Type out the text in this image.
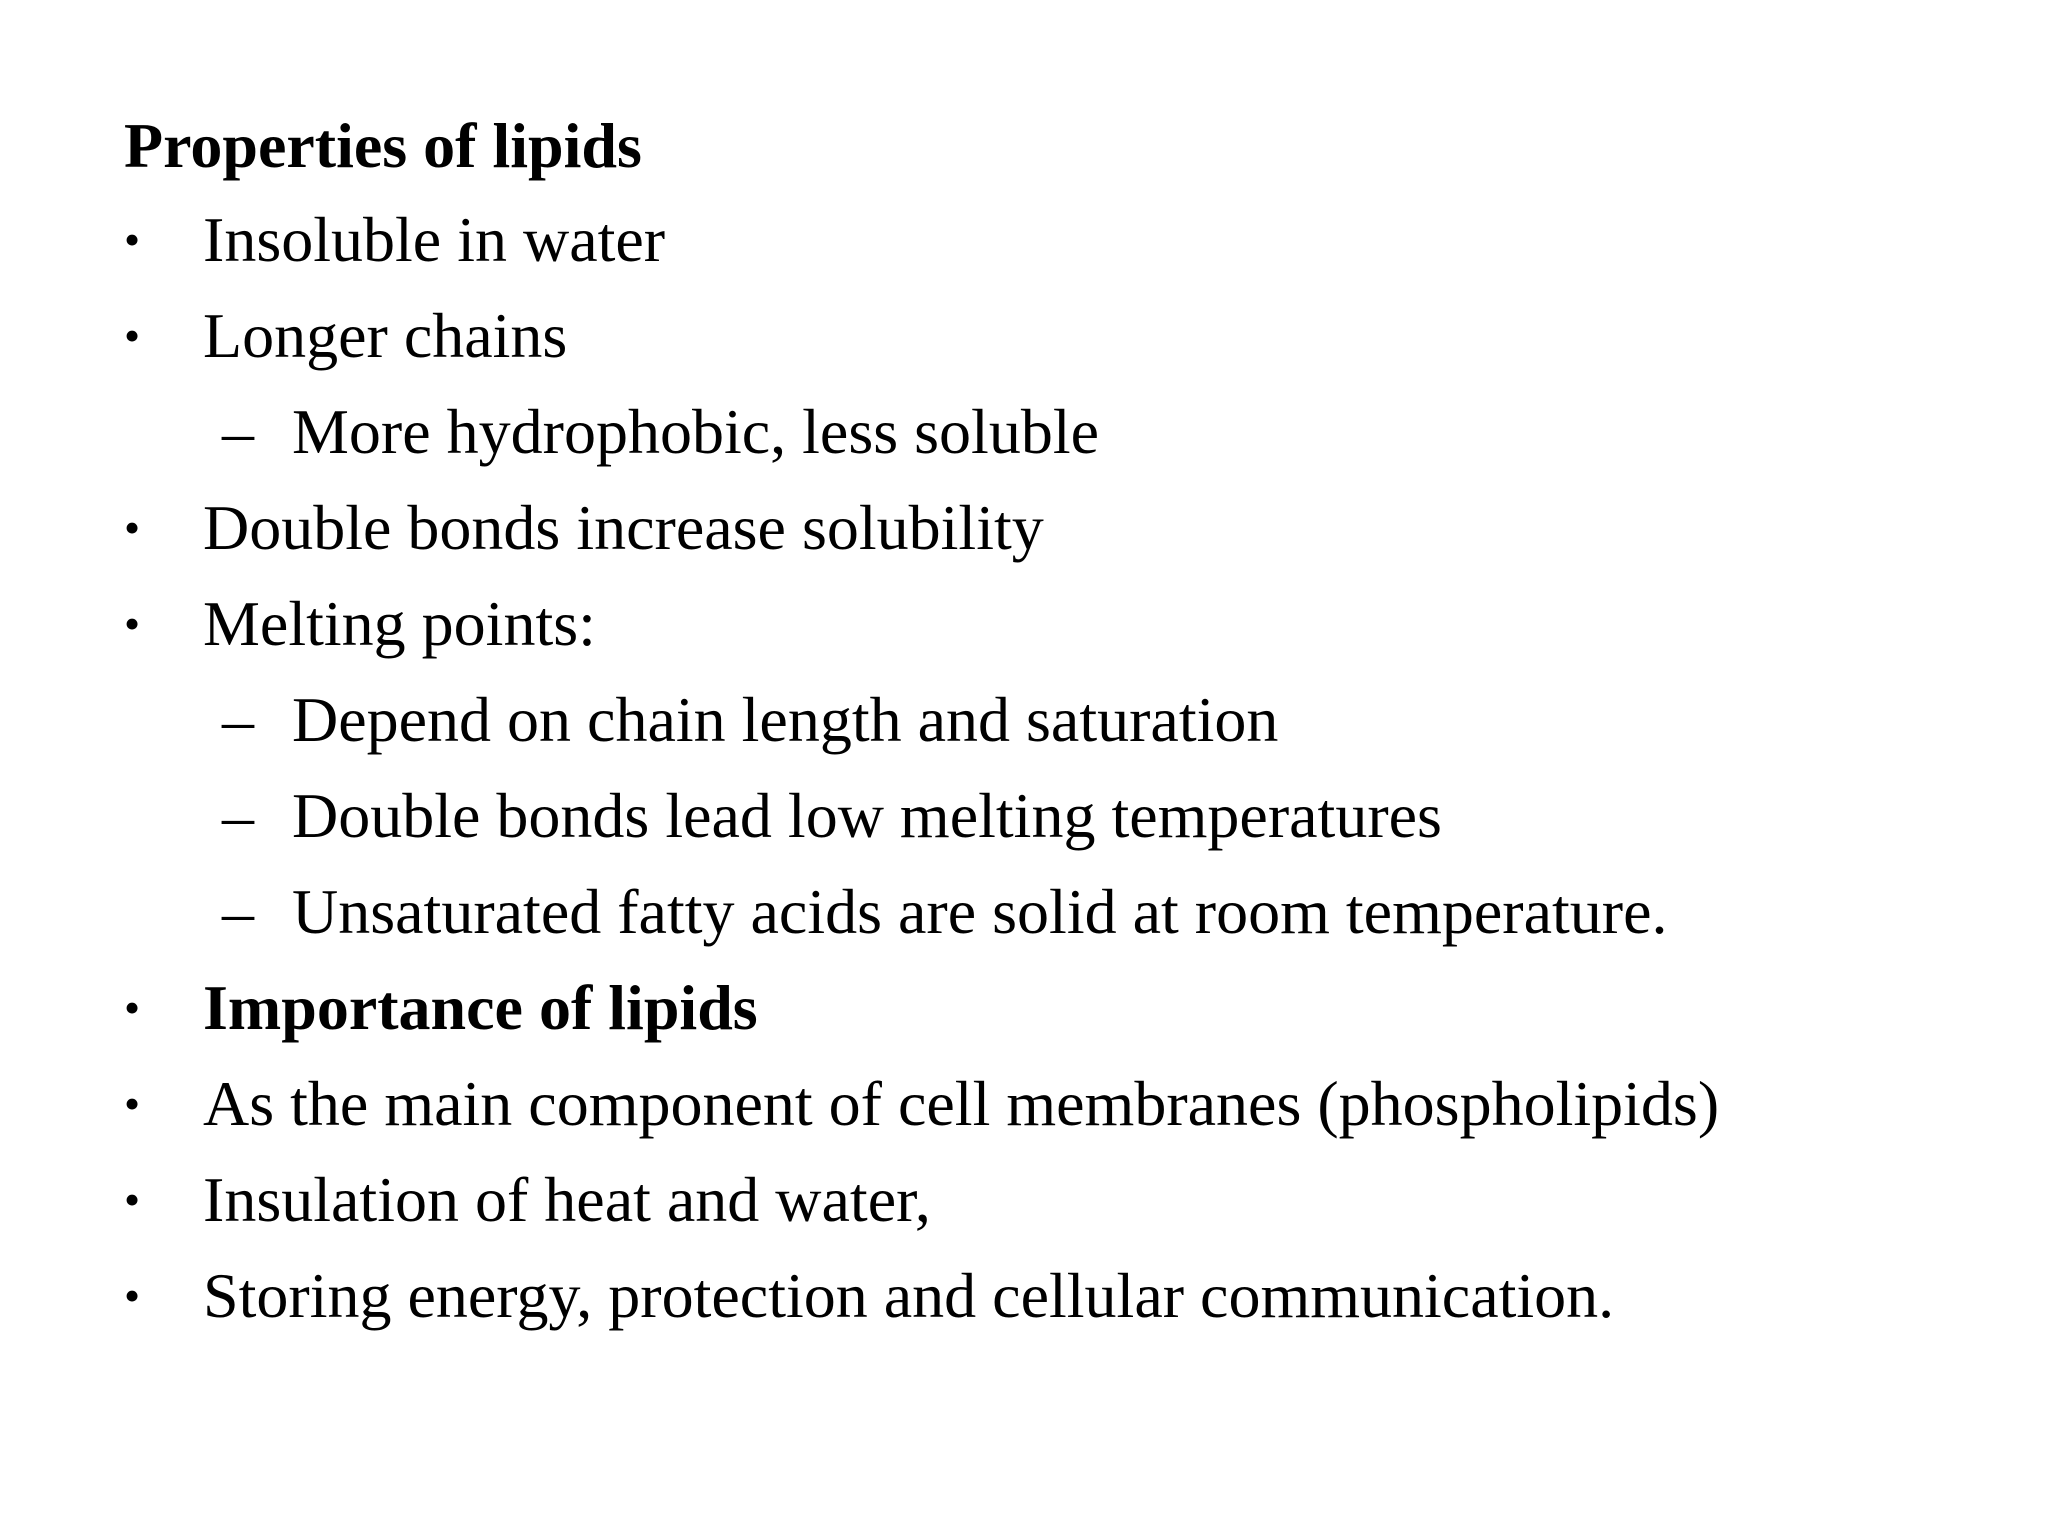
Properties of lipids
• Insoluble in water
• Longer chains
– More hydrophobic, less soluble
• Double bonds increase solubility
• Melting points:
– Depend on chain length and saturation
– Double bonds lead low melting temperatures
– Unsaturated fatty acids are solid at room temperature.
• Importance of lipids
• As the main component of cell membranes (phospholipids)
• Insulation of heat and water,
• Storing energy, protection and cellular communication.
